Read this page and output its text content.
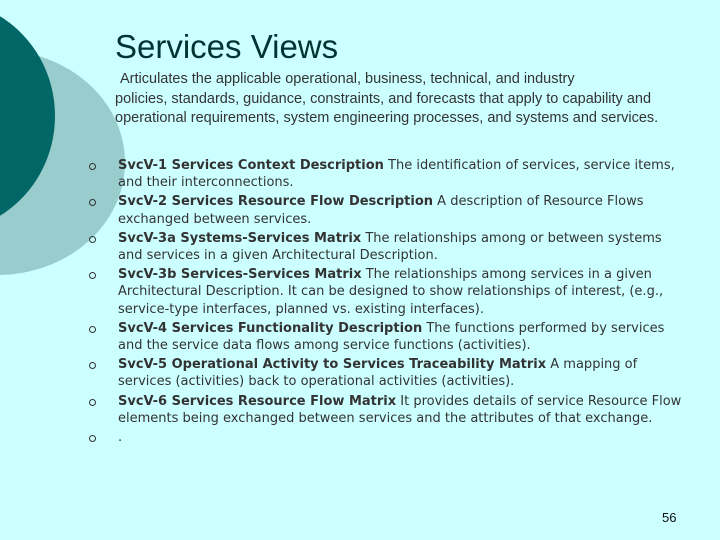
Services Views
Articulates the applicable operational, business, technical, and industry
policies, standards, guidance, constraints, and forecasts that apply to capability and operational requirements, system engineering processes, and systems and services.
SvcV-1 Services Context Description The identification of services, service items, and their interconnections.
SvcV-2 Services Resource Flow Description A description of Resource Flows exchanged between services.
SvcV-3a Systems-Services Matrix The relationships among or between systems and services in a given Architectural Description.
SvcV-3b Services-Services Matrix The relationships among services in a given Architectural Description. It can be designed to show relationships of interest, (e.g., service-type interfaces, planned vs. existing interfaces).
SvcV-4 Services Functionality Description The functions performed by services and the service data flows among service functions (activities).
SvcV-5 Operational Activity to Services Traceability Matrix A mapping of services (activities) back to operational activities (activities).
SvcV-6 Services Resource Flow Matrix It provides details of service Resource Flow elements being exchanged between services and the attributes of that exchange.
.
56
